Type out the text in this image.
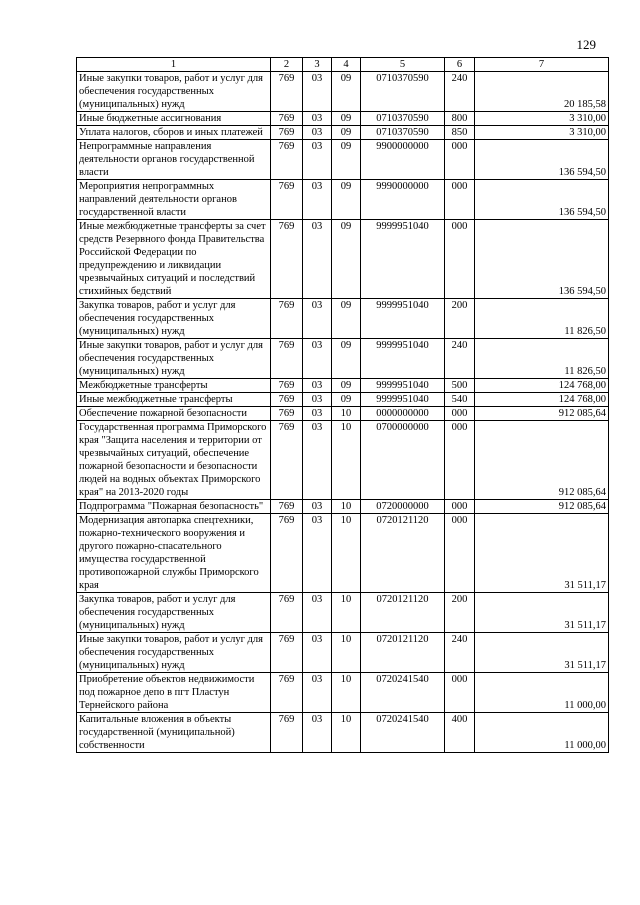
129
1	2	3	4	5	6	7
Иные закупки товаров, работ и услуг для обеспечения государственных (муниципальных) нужд	769	03	09	0710370590	240	20 185,58
Иные бюджетные ассигнования	769	03	09	0710370590	800	3 310,00
Уплата налогов, сборов и иных платежей	769	03	09	0710370590	850	3 310,00
Непрограммные направления деятельности органов государственной власти	769	03	09	9900000000	000	136 594,50
Мероприятия непрограммных направлений деятельности органов государственной власти	769	03	09	9990000000	000	136 594,50
Иные межбюджетные трансферты за счет средств Резервного фонда Правительства Российской Федерации по предупреждению и ликвидации чрезвычайных ситуаций и последствий стихийных бедствий	769	03	09	9999951040	000	136 594,50
Закупка товаров, работ и услуг для обеспечения государственных (муниципальных) нужд	769	03	09	9999951040	200	11 826,50
Иные закупки товаров, работ и услуг для обеспечения государственных (муниципальных) нужд	769	03	09	9999951040	240	11 826,50
Межбюджетные трансферты	769	03	09	9999951040	500	124 768,00
Иные межбюджетные трансферты	769	03	09	9999951040	540	124 768,00
Обеспечение пожарной безопасности	769	03	10	0000000000	000	912 085,64
Государственная программа Приморского края "Защита населения и территории от чрезвычайных ситуаций, обеспечение пожарной безопасности и безопасности людей на водных объектах Приморского края" на 2013-2020 годы	769	03	10	0700000000	000	912 085,64
Подпрограмма "Пожарная безопасность"	769	03	10	0720000000	000	912 085,64
Модернизация автопарка спецтехники, пожарно-технического вооружения и другого пожарно-спасательного имущества государственной противопожарной службы Приморского края	769	03	10	0720121120	000	31 511,17
Закупка товаров, работ и услуг для обеспечения государственных (муниципальных) нужд	769	03	10	0720121120	200	31 511,17
Иные закупки товаров, работ и услуг для обеспечения государственных (муниципальных) нужд	769	03	10	0720121120	240	31 511,17
Приобретение объектов недвижимости под пожарное депо в пгт Пластун Тернейского района	769	03	10	0720241540	000	11 000,00
Капитальные вложения в объекты государственной (муниципальной) собственности	769	03	10	0720241540	400	11 000,00
